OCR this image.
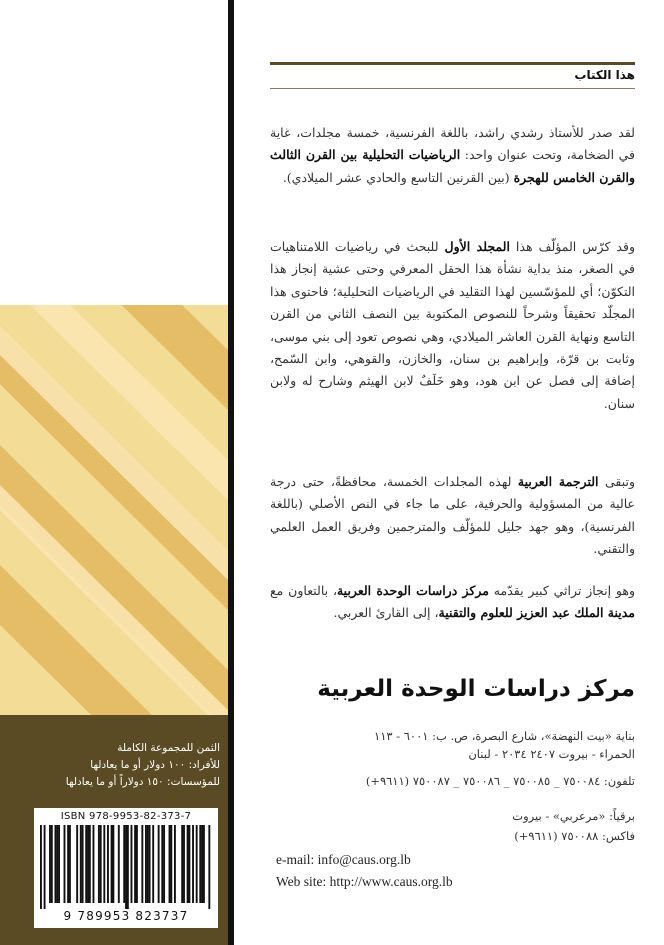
الثمن للمجموعة الكاملة
للأفراد: ١٠٠ دولار أو ما يعادلها
للمؤسسات: ١٥٠ دولاراً أو ما يعادلها
ISBN 978-9953-82-373-7
9 789953 823737
هذا الكتاب

لقد صدر للأستاذ رشدي راشد، باللغة الفرنسية، خمسة مجلدات، غاية في الضخامة، وتحت عنوان واحد: الرياضيات التحليلية بين القرن الثالث والقرن الخامس للهجرة (بين القرنين التاسع والحادي عشر الميلادي).

وقد كرّس المؤلّف هذا المجلد الأول للبحث في رياضيات اللامتناهيات في الصغر، منذ بداية نشأة هذا الحقل المعرفي وحتى عشية إنجاز هذا التكوّن؛ أي للمؤسّسين لهذا التقليد في الرياضيات التحليلية؛ فاحتوى هذا المجلّد تحقيقاً وشرحاً للنصوص المكتوبة بين النصف الثاني من القرن التاسع ونهاية القرن العاشر الميلادي، وهي نصوص تعود إلى بني موسى، وثابت بن قرّة، وإبراهيم بن سنان، والخازن، والقوهي، وابن السّمح، إضافة إلى فصل عن ابن هود، وهو خَلَفٌ لابن الهيثم وشارح له ولابن سنان.

وتبقى الترجمة العربية لهذه المجلدات الخمسة، محافظةً، حتى درجة عالية من المسؤولية والحرفية، على ما جاء في النص الأصلي (باللغة الفرنسية)، وهو جهد جليل للمؤلّف والمترجمين وفريق العمل العلمي والتقني.

وهو إنجاز تراثي كبير يقدّمه مركز دراسات الوحدة العربية، بالتعاون مع مدينة الملك عبد العزيز للعلوم والتقنية، إلى القارئ العربي.

مركز دراسات الوحدة العربية
بناية «بيت النهضة»، شارع البصرة، ص. ب: ٦٠٠١ - ١١٣
الحمراء - بيروت ٢٤٠٧ ٢٠٣٤ - لبنان
تلفون: ٧٥٠٠٨٤ _ ٧٥٠٠٨٥ _ ٧٥٠٠٨٦ _ ٧٥٠٠٨٧ (٩٦١١+)
برقياً: «مرعربي» - بيروت
فاكس: ٧٥٠٠٨٨ (٩٦١١+)
e-mail: info@caus.org.lb
Web site: http://www.caus.org.lb
